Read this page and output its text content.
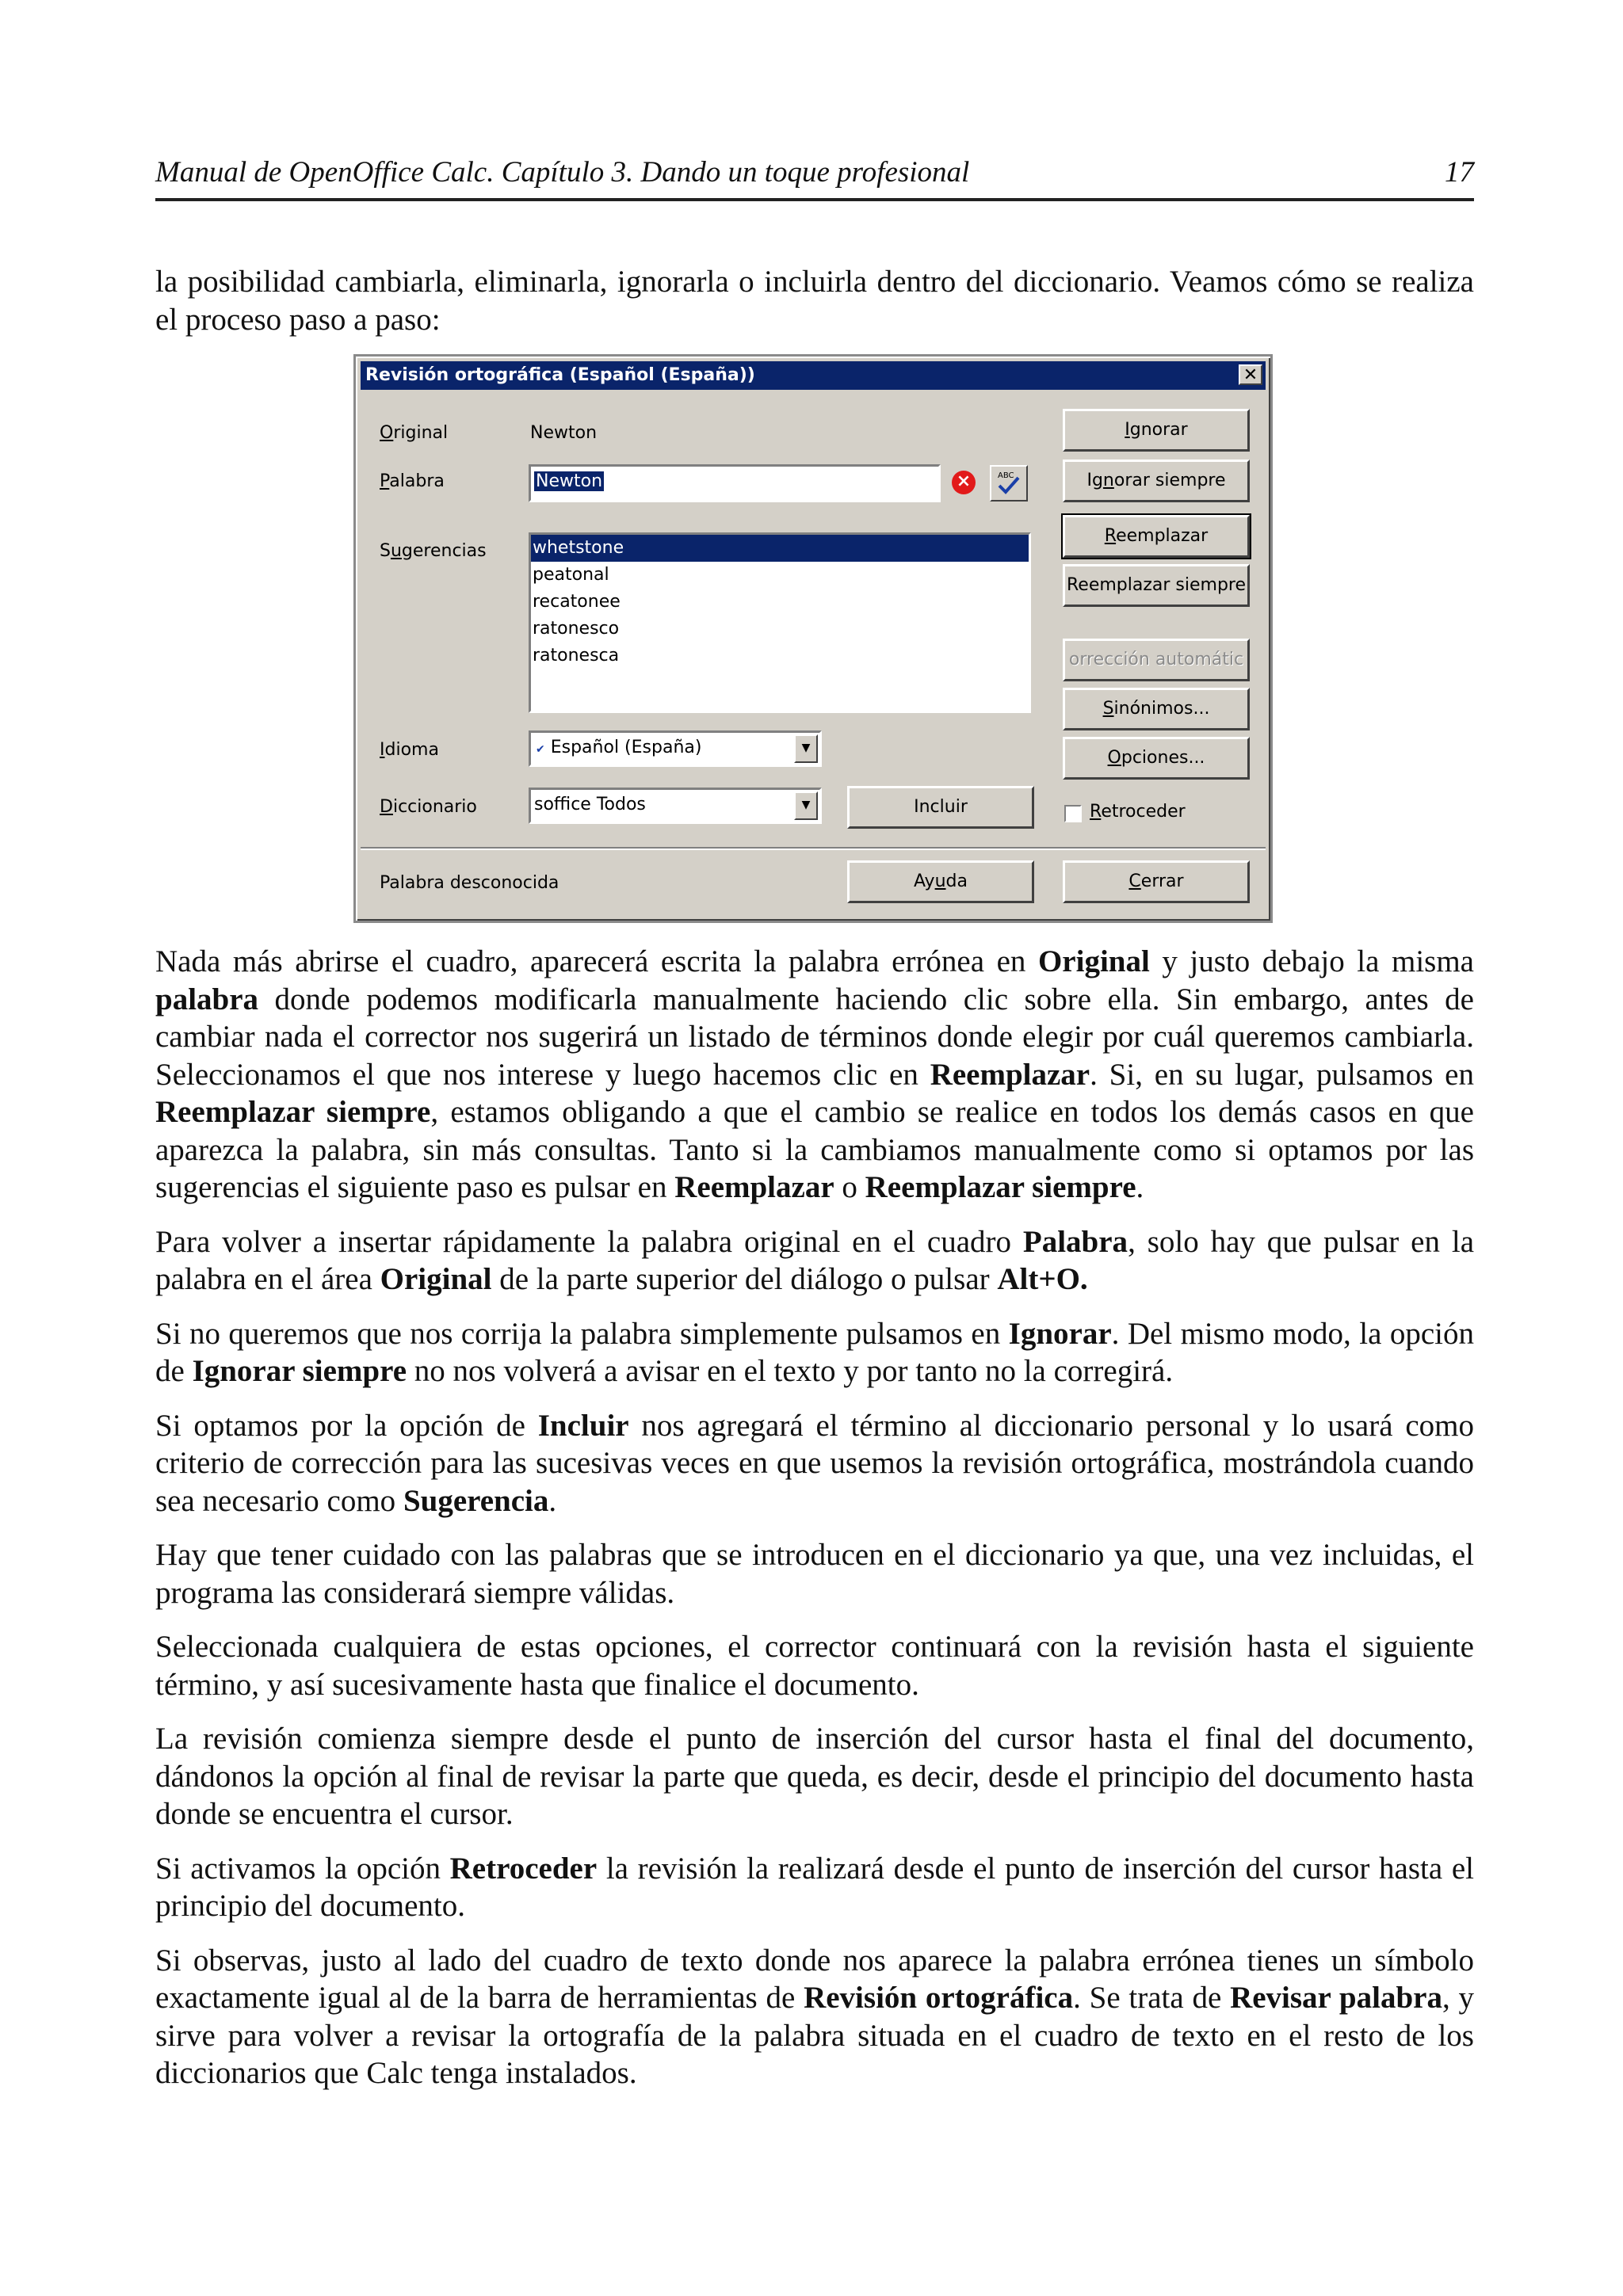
Manual de OpenOffice Calc. Capítulo 3. Dando un toque profesional	17

la posibilidad cambiarla, eliminarla, ignorarla o incluirla dentro del diccionario. Veamos cómo se realiza el proceso paso a paso:

Revisión ortográfica (Español (España))	✕
Original	Newton
Palabra	Newton	×	ABC
Sugerencias	whetstone
peatonal
recatonee
ratonesco
ratonesca
Idioma	✔ Español (España)	▼
Diccionario	soffice Todos	▼	Incluir
Ignorar
Ignorar siempre
Reemplazar
Reemplazar siempre
orrección automátic
Sinónimos...
Opciones...
Retroceder
Palabra desconocida	Ayuda	Cerrar

Nada más abrirse el cuadro, aparecerá escrita la palabra errónea en Original y justo debajo la misma palabra donde podemos modificarla manualmente haciendo clic sobre ella. Sin embargo, antes de cambiar nada el corrector nos sugerirá un listado de términos donde elegir por cuál queremos cambiarla. Seleccionamos el que nos interese y luego hacemos clic en Reemplazar. Si, en su lugar, pulsamos en Reemplazar siempre, estamos obligando a que el cambio se realice en todos los demás casos en que aparezca la palabra, sin más consultas. Tanto si la cambiamos manualmente como si optamos por las sugerencias el siguiente paso es pulsar en Reemplazar o Reemplazar siempre.

Para volver a insertar rápidamente la palabra original en el cuadro Palabra, solo hay que pulsar en la palabra en el área Original de la parte superior del diálogo o pulsar Alt+O.

Si no queremos que nos corrija la palabra simplemente pulsamos en Ignorar. Del mismo modo, la opción de Ignorar siempre no nos volverá a avisar en el texto y por tanto no la corregirá.

Si optamos por la opción de Incluir nos agregará el término al diccionario personal y lo usará como criterio de corrección para las sucesivas veces en que usemos la revisión ortográfica, mostrándola cuando sea necesario como Sugerencia.

Hay que tener cuidado con las palabras que se introducen en el diccionario ya que, una vez incluidas, el programa las considerará siempre válidas.

Seleccionada cualquiera de estas opciones, el corrector continuará con la revisión hasta el siguiente término, y así sucesivamente hasta que finalice el documento.

La revisión comienza siempre desde el punto de inserción del cursor hasta el final del documento, dándonos la opción al final de revisar la parte que queda, es decir, desde el principio del documento hasta donde se encuentra el cursor.

Si activamos la opción Retroceder la revisión la realizará desde el punto de inserción del cursor hasta el principio del documento.

Si observas, justo al lado del cuadro de texto donde nos aparece la palabra errónea tienes un símbolo exactamente igual al de la barra de herramientas de Revisión ortográfica. Se trata de Revisar palabra, y sirve para volver a revisar la ortografía de la palabra situada en el cuadro de texto en el resto de los diccionarios que Calc tenga instalados.
